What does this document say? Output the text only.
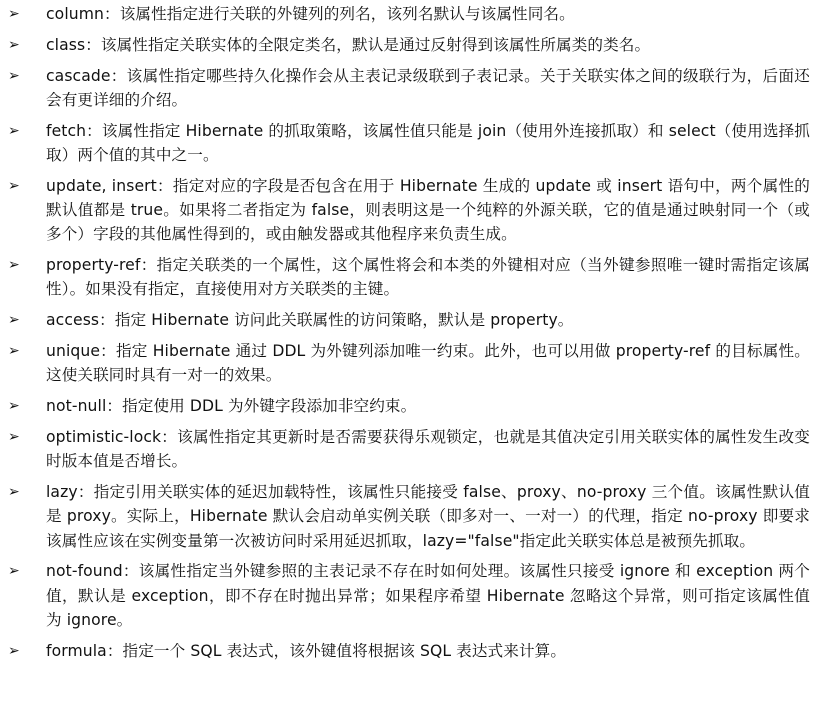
➢	column：该属性指定进行关联的外键列的列名，该列名默认与该属性同名。
➢	class：该属性指定关联实体的全限定类名，默认是通过反射得到该属性所属类的类名。
➢	cascade：该属性指定哪些持久化操作会从主表记录级联到子表记录。关于关联实体之间的级联行为，后面还会有更详细的介绍。
➢	fetch：该属性指定 Hibernate 的抓取策略，该属性值只能是 join（使用外连接抓取）和 select（使用选择抓取）两个值的其中之一。
➢	update, insert：指定对应的字段是否包含在用于 Hibernate 生成的 update 或 insert 语句中，两个属性的默认值都是 true。如果将二者指定为 false，则表明这是一个纯粹的外源关联，它的值是通过映射同一个（或多个）字段的其他属性得到的，或由触发器或其他程序来负责生成。
➢	property-ref：指定关联类的一个属性，这个属性将会和本类的外键相对应（当外键参照唯一键时需指定该属性）。如果没有指定，直接使用对方关联类的主键。
➢	access：指定 Hibernate 访问此关联属性的访问策略，默认是 property。
➢	unique：指定 Hibernate 通过 DDL 为外键列添加唯一约束。此外，也可以用做 property-ref 的目标属性。这使关联同时具有一对一的效果。
➢	not-null：指定使用 DDL 为外键字段添加非空约束。
➢	optimistic-lock：该属性指定其更新时是否需要获得乐观锁定，也就是其值决定引用关联实体的属性发生改变时版本值是否增长。
➢	lazy：指定引用关联实体的延迟加载特性，该属性只能接受 false、proxy、no-proxy 三个值。该属性默认值是 proxy。实际上，Hibernate 默认会启动单实例关联（即多对一、一对一）的代理，指定 no-proxy 即要求该属性应该在实例变量第一次被访问时采用延迟抓取，lazy="false"指定此关联实体总是被预先抓取。
➢	not-found：该属性指定当外键参照的主表记录不存在时如何处理。该属性只接受 ignore 和 exception 两个值，默认是 exception，即不存在时抛出异常；如果程序希望 Hibernate 忽略这个异常，则可指定该属性值为 ignore。
➢	formula：指定一个 SQL 表达式，该外键值将根据该 SQL 表达式来计算。
